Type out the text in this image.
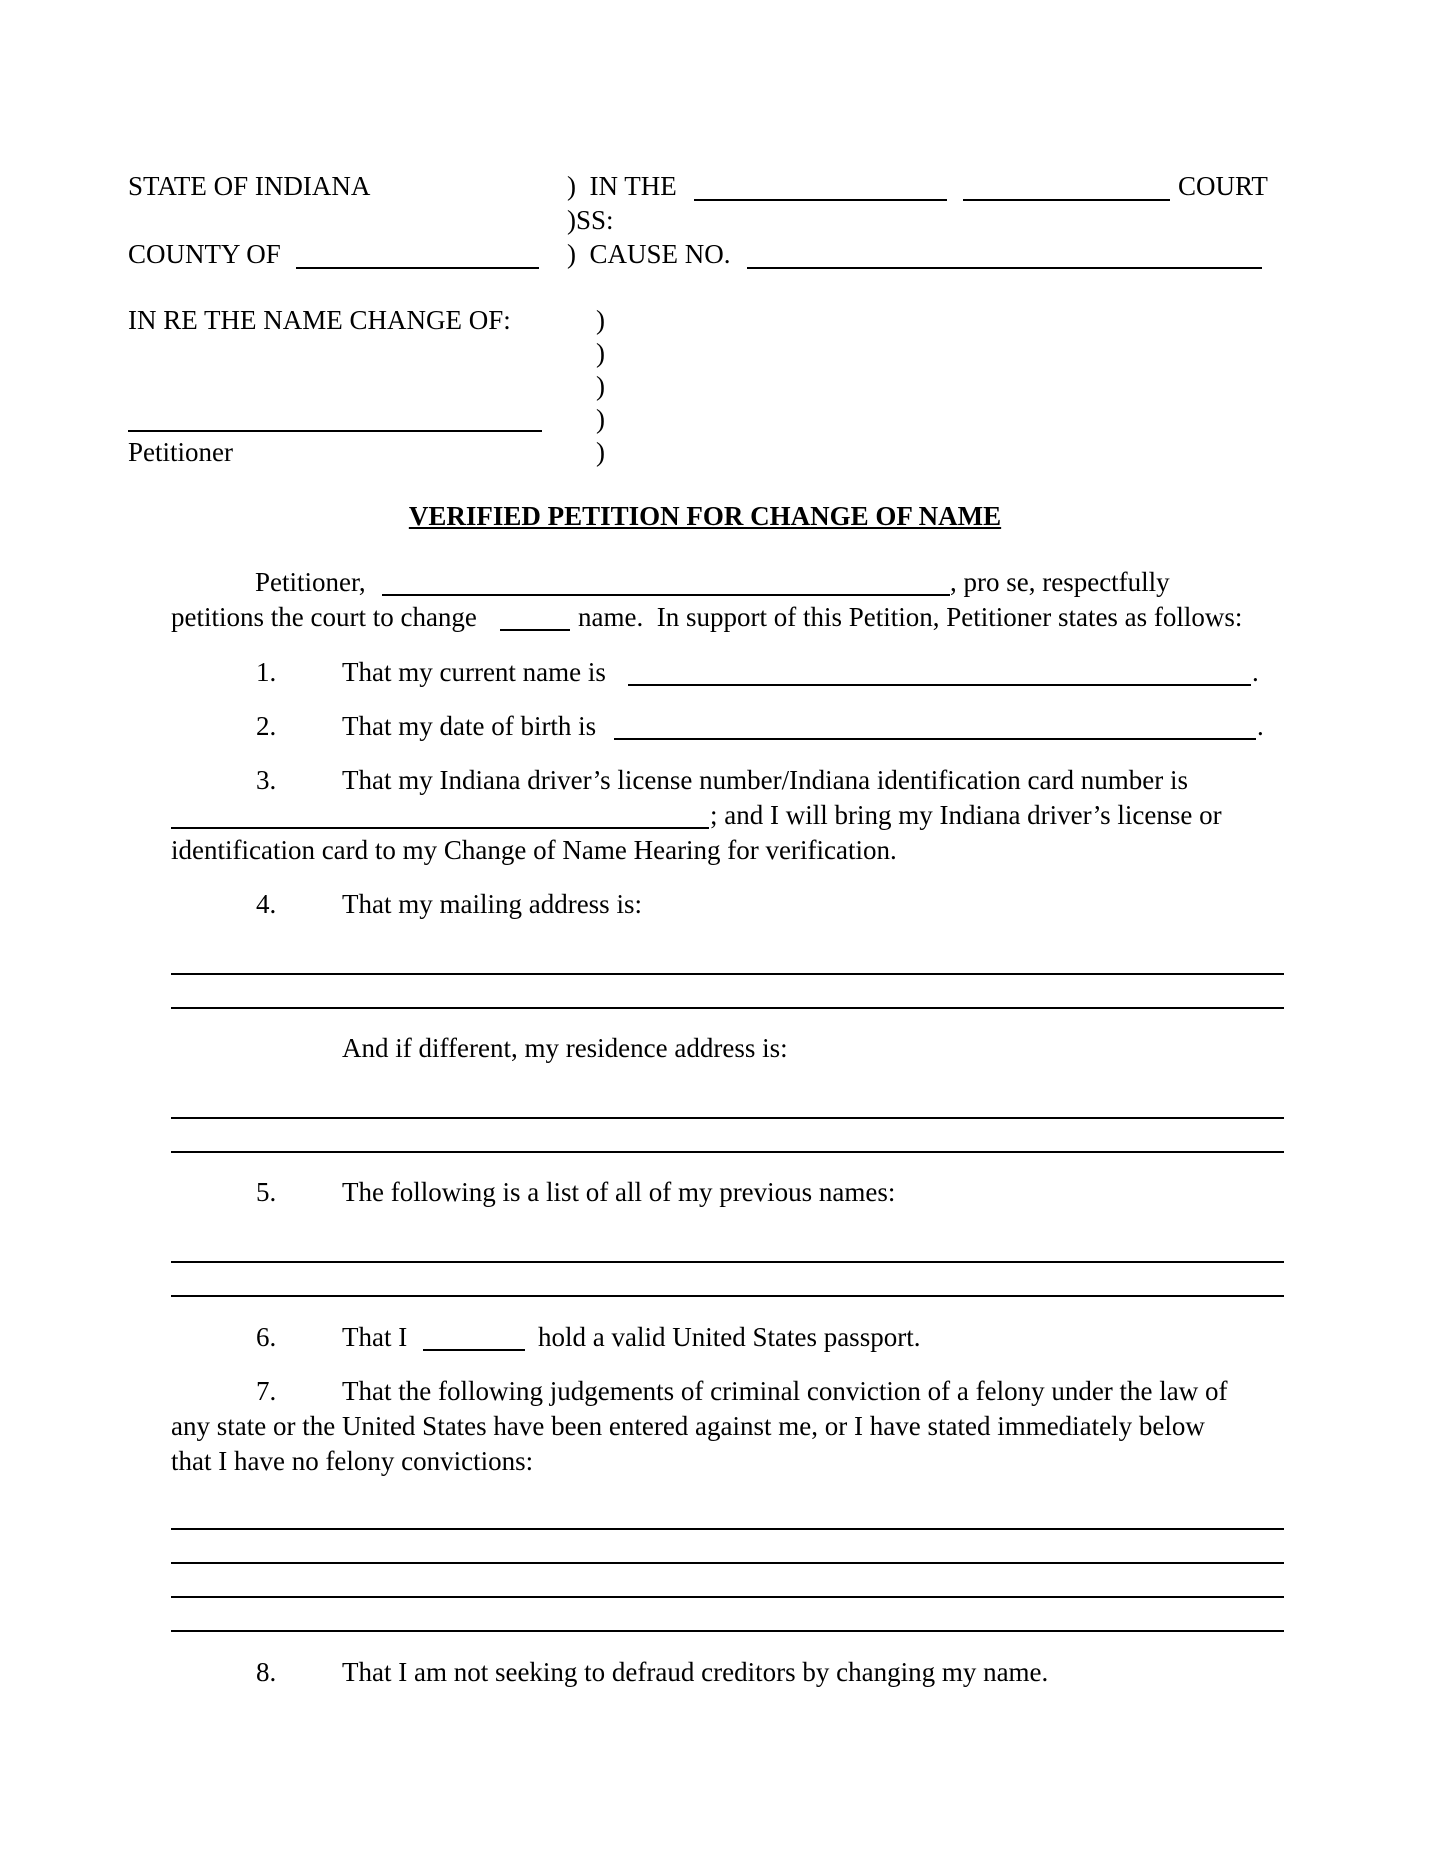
STATE OF INDIANA	)  IN THE	COURT
)SS:
COUNTY OF	)  CAUSE NO.
IN RE THE NAME CHANGE OF:	)
)
)
)
)
Petitioner
VERIFIED PETITION FOR CHANGE OF NAME
Petitioner,	, pro se, respectfully
petitions the court to change	name.  In support of this Petition, Petitioner states as follows:
1. That my current name is	.
2. That my date of birth is	.
3. That my Indiana driver’s license number/Indiana identification card number is
; and I will bring my Indiana driver’s license or
identification card to my Change of Name Hearing for verification.
4. That my mailing address is:
And if different, my residence address is:
5. The following is a list of all of my previous names:
6. That I	hold a valid United States passport.
7. That the following judgements of criminal conviction of a felony under the law of
any state or the United States have been entered against me, or I have stated immediately below
that I have no felony convictions:
8. That I am not seeking to defraud creditors by changing my name.
